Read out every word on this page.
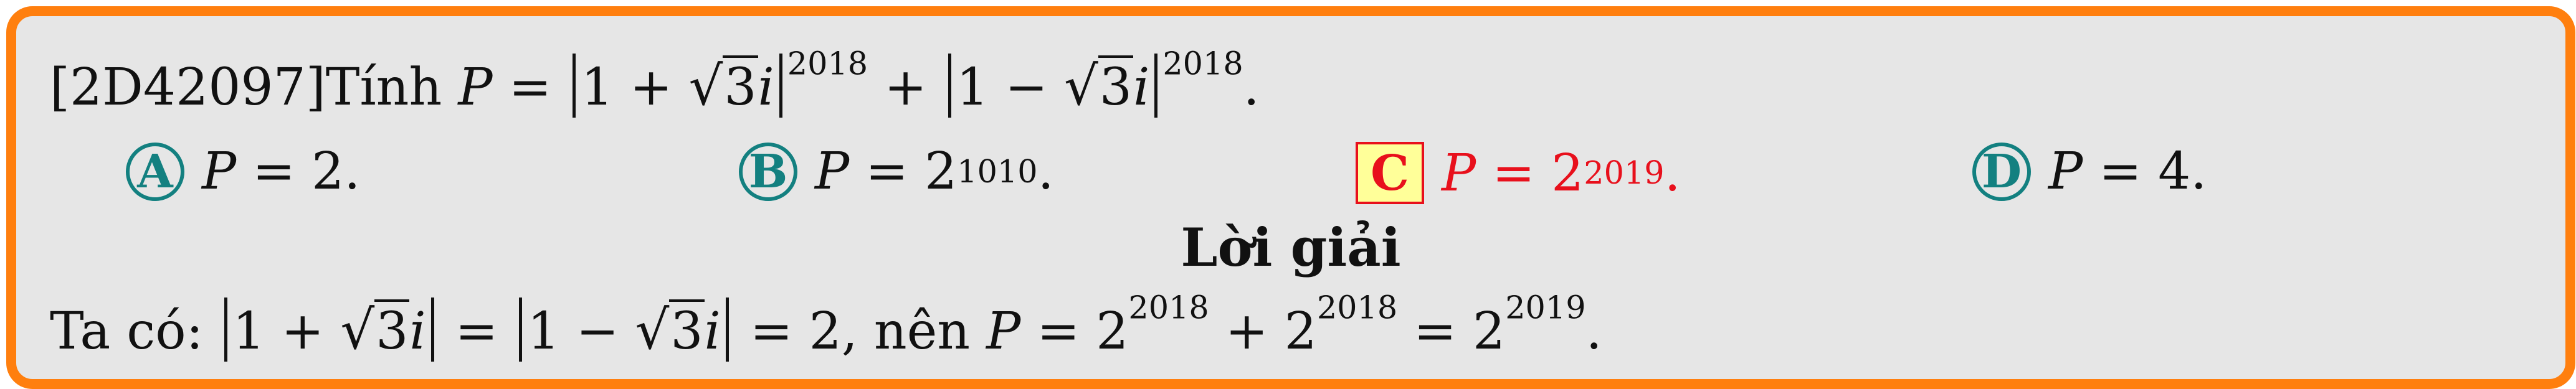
[2D42097]Tính P = 1 + √3i $^{2018}$ + 1 − √3i $^{2018}$.
A P
=
2.	B P
=
2 1010 .	C P
=
2 2019 .	D P
=
4.
Lời giải
Ta có: 1 + √3i = 1 − √3i = 2, nên $P = 2^{2018} + 2^{2018} = 2^{2019}$.
